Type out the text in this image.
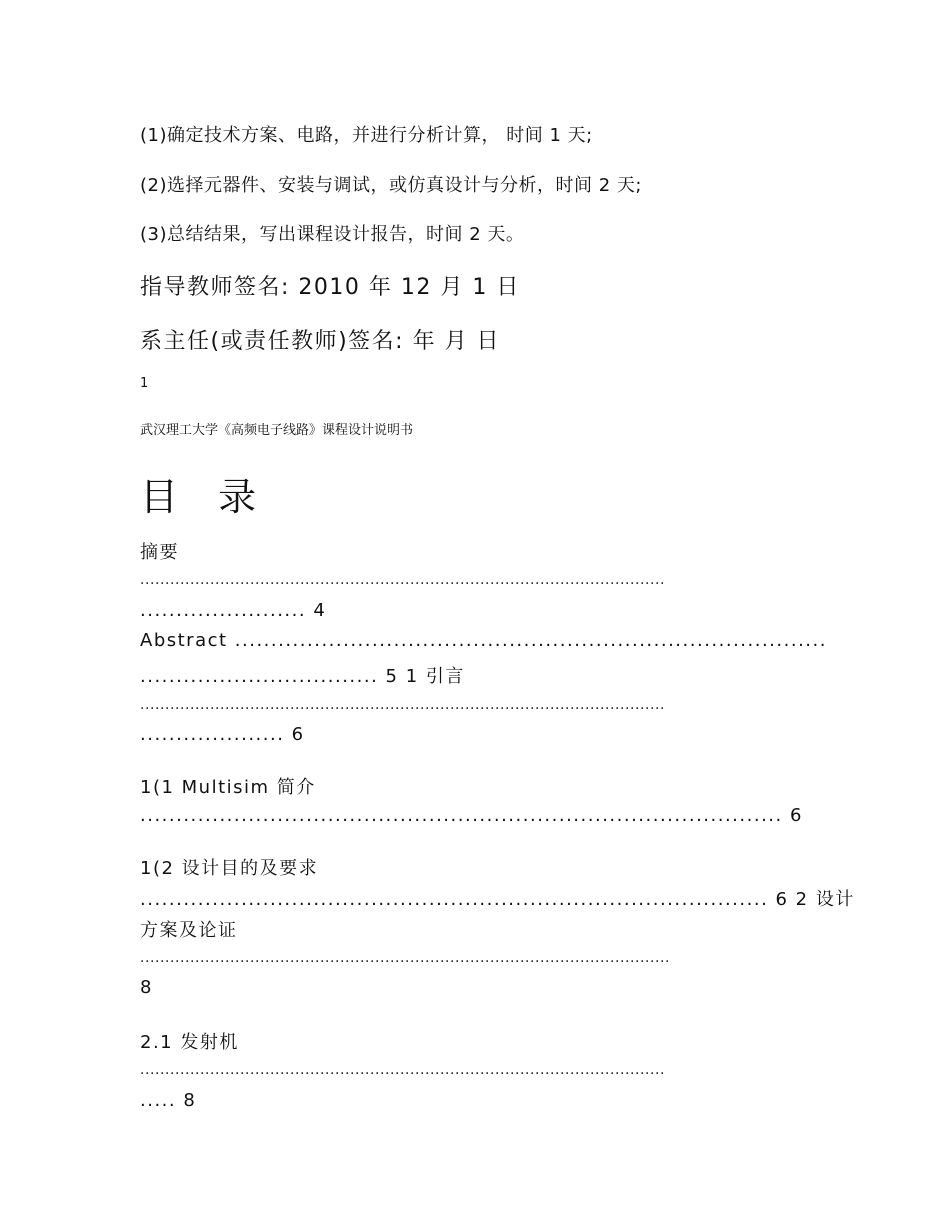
(1)确定技术方案、电路，并进行分析计算， 时间 1 天;

(2)选择元器件、安装与调试，或仿真设计与分析，时间 2 天;

(3)总结结果，写出课程设计报告，时间 2 天。

指导教师签名: 2010 年 12 月 1 日

系主任(或责任教师)签名: 年 月 日

1

武汉理工大学《高频电子线路》课程设计说明书

目 录

摘要

.........................................................................................................

....................... 4

Abstract ..................................................................................

................................. 5 1 引言

.........................................................................................................

.................... 6

1(1 Multisim 简介

......................................................................................... 6

1(2 设计目的及要求

....................................................................................... 6 2 设计

方案及论证

..........................................................................................................

8

2.1 发射机

.........................................................................................................

..... 8
